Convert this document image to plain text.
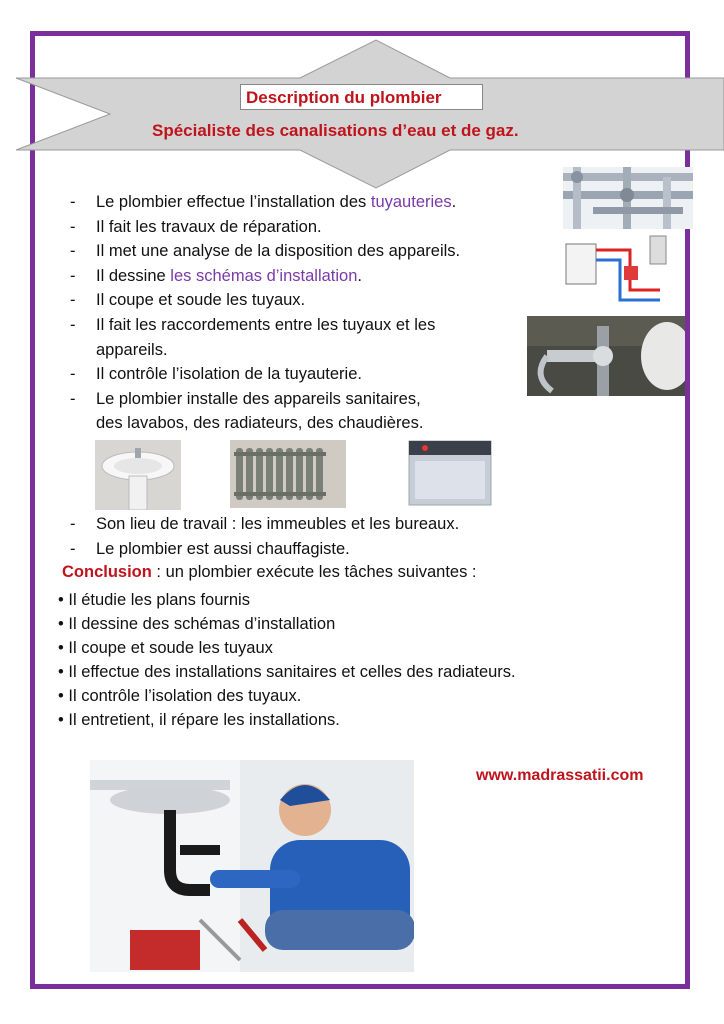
Description du plombier
Spécialiste des canalisations d’eau et de gaz.
- Le plombier effectue l’installation des tuyauteries.
- Il fait les travaux de réparation.
- Il met une analyse de la disposition des appareils.
- Il dessine les schémas d’installation.
- Il coupe et soude les tuyaux.
- Il fait les raccordements entre les tuyaux et les
appareils.
- Il contrôle l’isolation de la tuyauterie.
- Le plombier installe des appareils sanitaires,
des lavabos, des radiateurs, des chaudières.
- Son lieu de travail : les immeubles et les bureaux.
- Le plombier est aussi chauffagiste.
Conclusion : un plombier exécute les tâches suivantes :
• Il étudie les plans fournis
• Il dessine des schémas d’installation
• Il coupe et soude les tuyaux
• Il effectue des installations sanitaires et celles des radiateurs.
• Il contrôle l’isolation des tuyaux.
• Il entretient, il répare les installations.
www.madrassatii.com
